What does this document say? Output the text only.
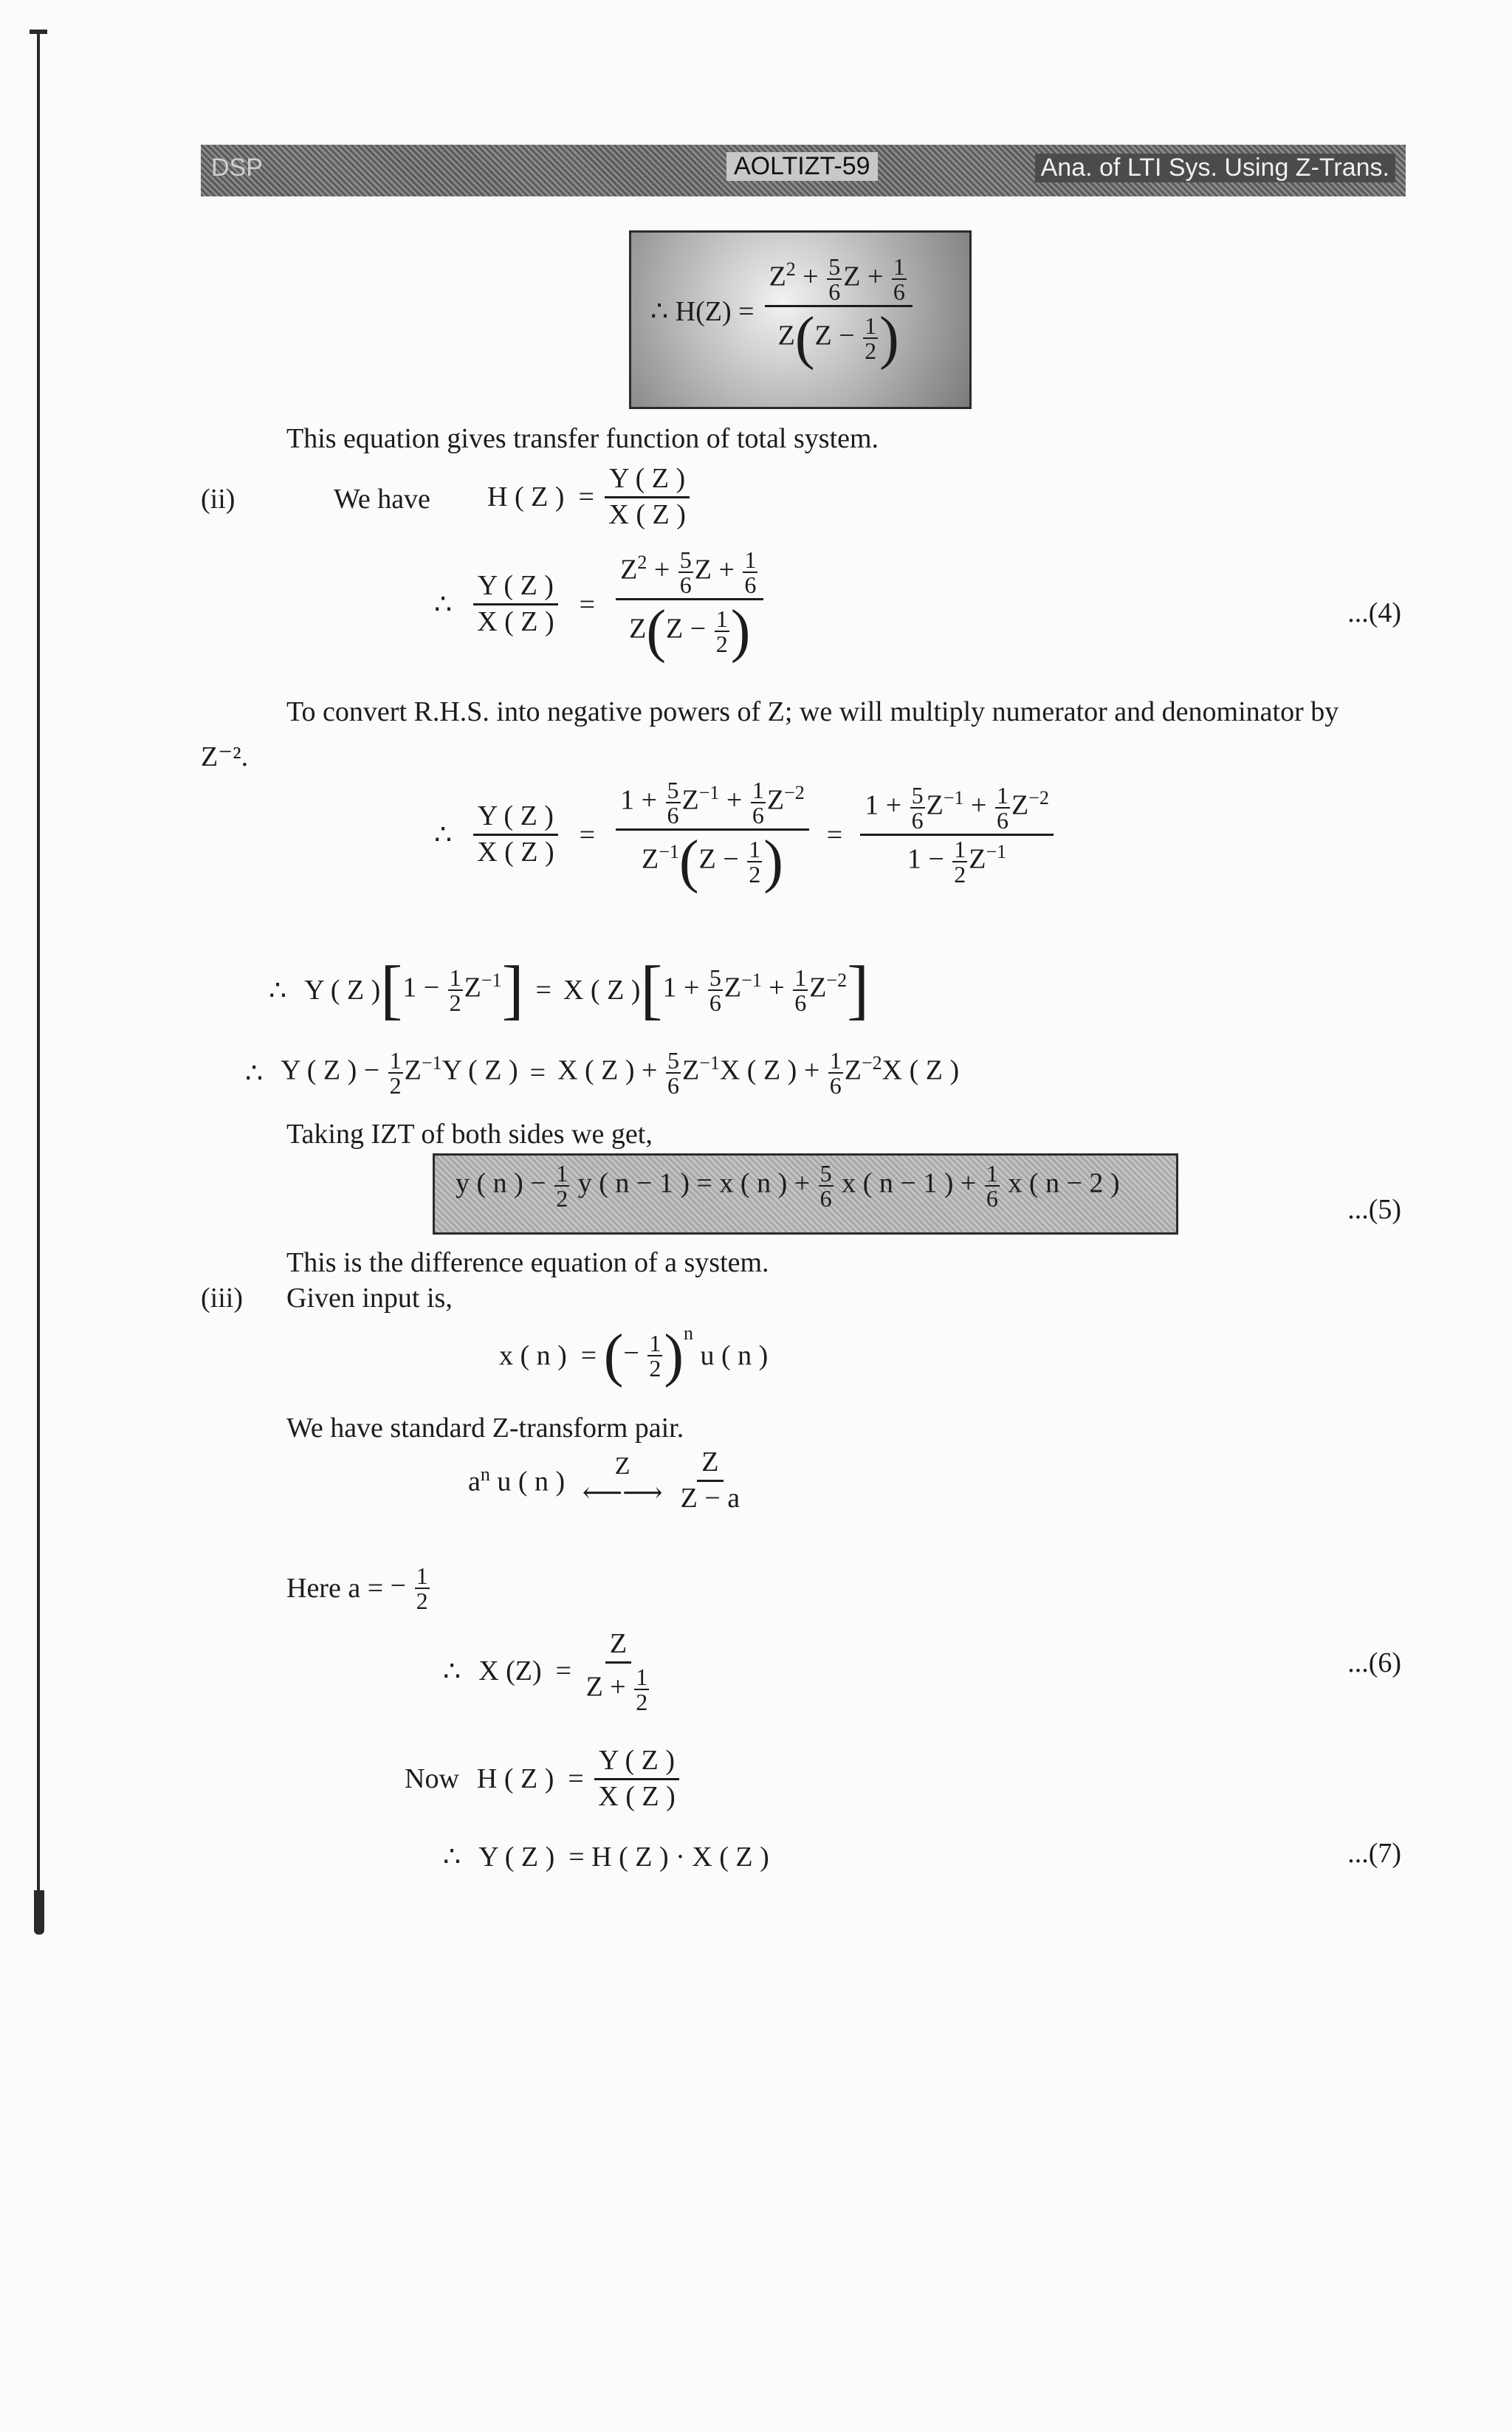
DSP	AOLTIZT-59	Ana. of LTI Sys. Using Z-Trans.
∴ $H(Z) = \frac{Z^2 + \frac{5}{6} Z + \frac{1}{6}}{Z(Z - \frac{1}{2} )}$
This equation gives transfer function of total system.
(ii)	We have H ( Z )  = $\frac{Y ( Z )}{X ( Z )}$
∴ $\frac{Y ( Z )}{X ( Z )} = \frac{Z^2 + \frac{5}{6} Z + \frac{1}{6}}{Z(Z - \frac{1}{2} )}$	...(4)
To convert R.H.S. into negative powers of Z; we will multiply numerator and denominator by
Z⁻².
∴ $\frac{Y ( Z )}{X ( Z )} = \frac{1 + \frac{5}{6} Z^{-1} + \frac{1}{6} Z^{-2}}{Z^{-1}(Z - \frac{1}{2} )} = \frac{1 + \frac{5}{6} Z^{-1} + \frac{1}{6} Z^{-2}}{1 - \frac{1}{2} Z^{-1}}$
∴ Y ( Z ) [ $1 - \frac{1}{2} Z^{-1}$ ] = X ( Z ) [ $1 + \frac{5}{6} Z^{-1} + \frac{1}{6} Z^{-2}$ ]
∴ Y ( Z ) − $\frac{1}{2} Z^{-1}Y$ ( Z ) = X ( Z ) + $\frac{5}{6} Z^{-1}X$ ( Z ) + $\frac{1}{6} Z^{-2}X$ ( Z )
Taking IZT of both sides we get,
y ( n ) − $\frac{1}{2}$ y ( n − 1 ) = x ( n ) + $\frac{5}{6}$ x ( n − 1 ) + $\frac{1}{6}$ x ( n − 2 )
...(5)
This is the difference equation of a system.
(iii) Given input is,
x ( n )  = ( − $\frac{1}{2} )^n$
u ( n )
We have standard Z-transform pair.
$a^n$ u ( n ) Z
⟵⟶ $\frac{Z}{Z - a}$
Here a = − $\frac{1}{2}$
∴ X $(Z) = \frac{Z}{Z + \frac{1}{2}}$	...(6)
Now H ( Z )  = $\frac{Y ( Z )}{X ( Z )}$
∴ Y ( Z )  = H ( Z ) · X ( Z )	...(7)
